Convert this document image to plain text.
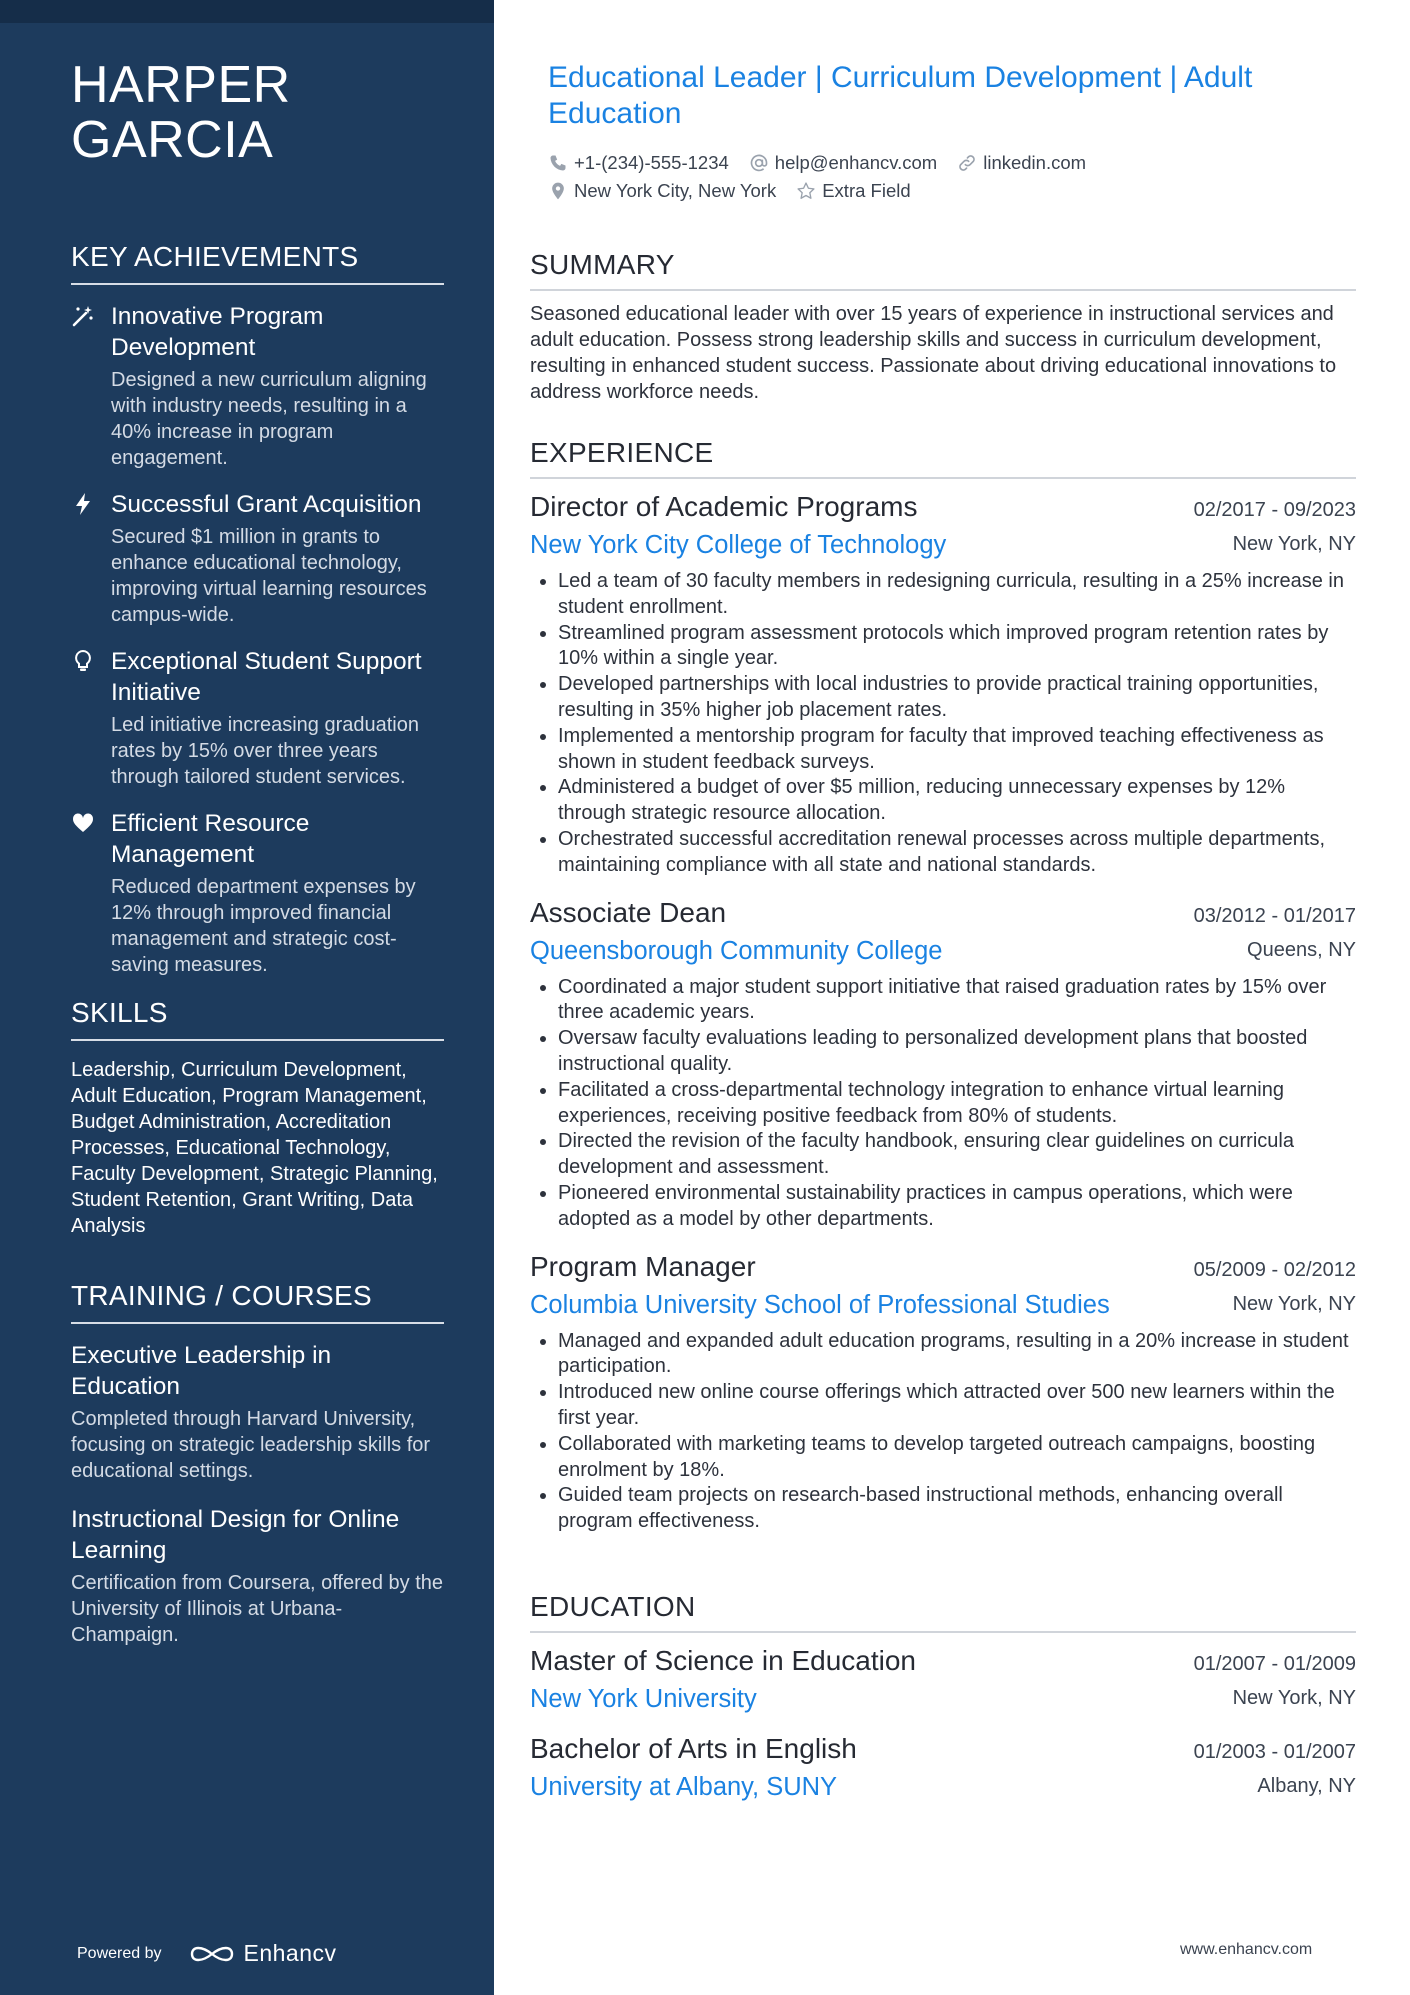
HARPER
GARCIA
KEY ACHIEVEMENTS
Innovative Program Development
Designed a new curriculum aligning with industry needs, resulting in a 40% increase in program engagement.
Successful Grant Acquisition
Secured $1 million in grants to enhance educational technology, improving virtual learning resources campus-wide.
Exceptional Student Support Initiative
Led initiative increasing graduation rates by 15% over three years through tailored student services.
Efficient Resource Management
Reduced department expenses by 12% through improved financial management and strategic cost-saving measures.
SKILLS

Leadership, Curriculum Development, Adult Education, Program Management, Budget Administration, Accreditation Processes, Educational Technology, Faculty Development, Strategic Planning, Student Retention, Grant Writing, Data Analysis

TRAINING / COURSES
Executive Leadership in Education
Completed through Harvard University, focusing on strategic leadership skills for educational settings.
Instructional Design for Online Learning
Certification from Coursera, offered by the University of Illinois at Urbana-Champaign.
Powered by	Enhancv
Educational Leader | Curriculum Development | Adult Education
+1-(234)-555-1234 help@enhancv.com linkedin.com
New York City, New York Extra Field
SUMMARY

Seasoned educational leader with over 15 years of experience in instructional services and adult education. Possess strong leadership skills and success in curriculum development, resulting in enhanced student success. Passionate about driving educational innovations to address workforce needs.

EXPERIENCE
Director of Academic Programs	02/2017 - 09/2023
New York City College of Technology	New York, NY
• Led a team of 30 faculty members in redesigning curricula, resulting in a 25% increase in student enrollment.
• Streamlined program assessment protocols which improved program retention rates by 10% within a single year.
• Developed partnerships with local industries to provide practical training opportunities, resulting in 35% higher job placement rates.
• Implemented a mentorship program for faculty that improved teaching effectiveness as shown in student feedback surveys.
• Administered a budget of over $5 million, reducing unnecessary expenses by 12% through strategic resource allocation.
• Orchestrated successful accreditation renewal processes across multiple departments, maintaining compliance with all state and national standards.
Associate Dean	03/2012 - 01/2017
Queensborough Community College	Queens, NY
• Coordinated a major student support initiative that raised graduation rates by 15% over three academic years.
• Oversaw faculty evaluations leading to personalized development plans that boosted instructional quality.
• Facilitated a cross-departmental technology integration to enhance virtual learning experiences, receiving positive feedback from 80% of students.
• Directed the revision of the faculty handbook, ensuring clear guidelines on curricula development and assessment.
• Pioneered environmental sustainability practices in campus operations, which were adopted as a model by other departments.
Program Manager	05/2009 - 02/2012
Columbia University School of Professional Studies	New York, NY
• Managed and expanded adult education programs, resulting in a 20% increase in student participation.
• Introduced new online course offerings which attracted over 500 new learners within the first year.
• Collaborated with marketing teams to develop targeted outreach campaigns, boosting enrolment by 18%.
• Guided team projects on research-based instructional methods, enhancing overall program effectiveness.
EDUCATION
Master of Science in Education	01/2007 - 01/2009
New York University	New York, NY
Bachelor of Arts in English	01/2003 - 01/2007
University at Albany, SUNY	Albany, NY
www.enhancv.com
